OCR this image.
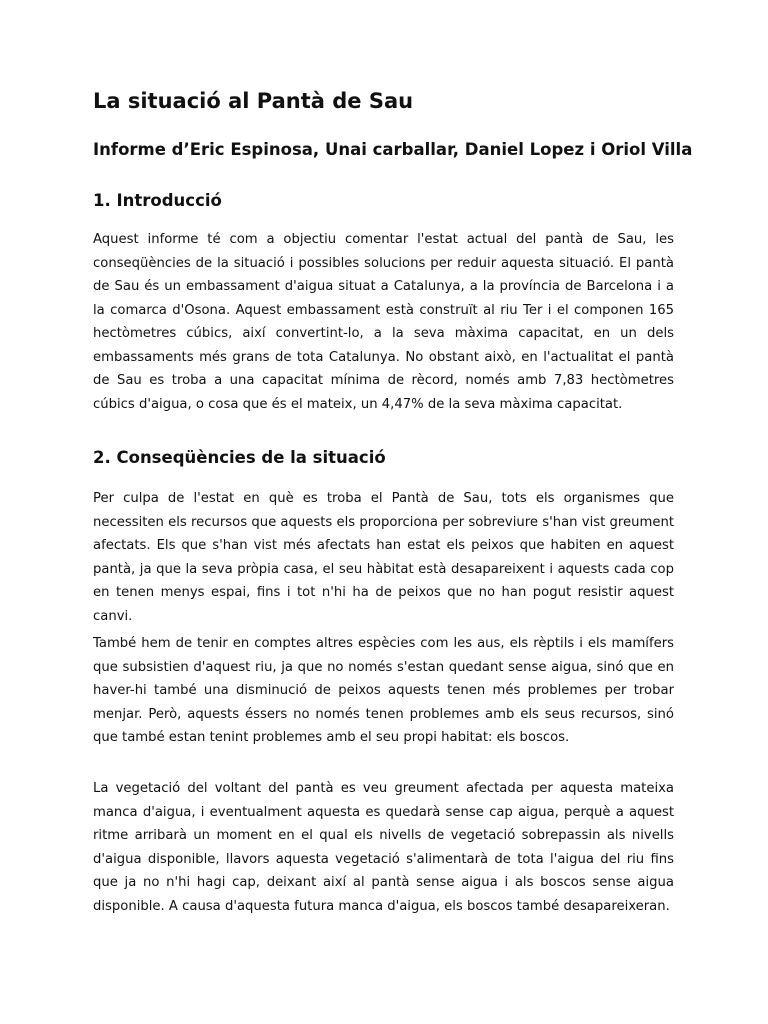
La situació al Pantà de Sau
Informe d’Eric Espinosa, Unai carballar, Daniel Lopez i Oriol Villa
1. Introducció

Aquest informe té com a objectiu comentar l'estat actual del pantà de Sau, les conseqüències de la situació i possibles solucions per reduir aquesta situació. El pantà de Sau és un embassament d'aigua situat a Catalunya, a la província de Barcelona i a la comarca d'Osona. Aquest embassament està construït al riu Ter i el componen 165 hectòmetres cúbics, així convertint-lo, a la seva màxima capacitat, en un dels embassaments més grans de tota Catalunya. No obstant això, en l'actualitat el pantà de Sau es troba a una capacitat mínima de rècord, només amb 7,83 hectòmetres cúbics d'aigua, o cosa que és el mateix, un 4,47% de la seva màxima capacitat.

2. Conseqüències de la situació

Per culpa de l'estat en què es troba el Pantà de Sau, tots els organismes que necessiten els recursos que aquests els proporciona per sobreviure s'han vist greument afectats. Els que s'han vist més afectats han estat els peixos que habiten en aquest pantà, ja que la seva pròpia casa, el seu hàbitat està desapareixent i aquests cada cop en tenen menys espai, fins i tot n'hi ha de peixos que no han pogut resistir aquest canvi.

També hem de tenir en comptes altres espècies com les aus, els rèptils i els mamífers que subsistien d'aquest riu, ja que no només s'estan quedant sense aigua, sinó que en haver-hi també una disminució de peixos aquests tenen més problemes per trobar menjar. Però, aquests éssers no només tenen problemes amb els seus recursos, sinó que també estan tenint problemes amb el seu propi habitat: els boscos.

La vegetació del voltant del pantà es veu greument afectada per aquesta mateixa manca d'aigua, i eventualment aquesta es quedarà sense cap aigua, perquè a aquest ritme arribarà un moment en el qual els nivells de vegetació sobrepassin als nivells d'aigua disponible, llavors aquesta vegetació s'alimentarà de tota l'aigua del riu fins que ja no n'hi hagi cap, deixant així al pantà sense aigua i als boscos sense aigua disponible. A causa d'aquesta futura manca d'aigua, els boscos també desapareixeran.
